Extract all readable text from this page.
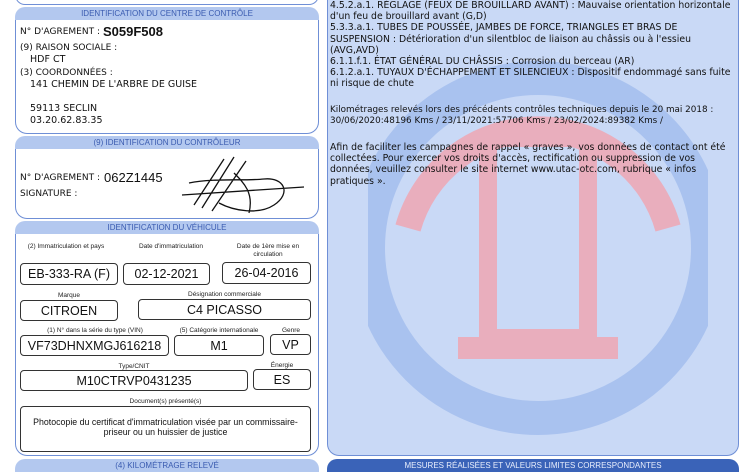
IDENTIFICATION DU CENTRE DE CONTRÔLE
N° D'AGREMENT : S059F508
(9) RAISON SOCIALE :
HDF CT
(3) COORDONNÉES :
141 CHEMIN DE L'ARBRE DE GUISE
59113 SECLIN
03.20.62.83.35
(9) IDENTIFICATION DU CONTRÔLEUR
N° D'AGREMENT : 062Z1445
SIGNATURE :
IDENTIFICATION DU VÉHICULE
(2) Immatriculation et pays	Date d'immatriculation	Date de 1ère mise en circulation
EB-333-RA (F)	02-12-2021	26-04-2016
Marque	Désignation commerciale
CITROEN	C4 PICASSO
(1) N° dans la série du type (VIN)	(5) Catégorie internationale	Genre
VF73DHNXMGJ616218	M1	VP
Type/CNIT	Énergie
M10CTRVP0431235	ES
Document(s) présenté(s)
Photocopie du certificat d'immatriculation visée par un commissaire-priseur ou un huissier de justice
(4) KILOMÉTRAGE RELEVÉ
4.5.2.a.1. RÉGLAGE (FEUX DE BROUILLARD AVANT) : Mauvaise orientation horizontale d'un feu de brouillard avant (G,D)
5.3.3.a.1. TUBES DE POUSSÉE, JAMBES DE FORCE, TRIANGLES ET BRAS DE SUSPENSION : Détérioration d'un silentbloc de liaison au châssis ou à l'essieu (AVG,AVD)
6.1.1.f.1. ÉTAT GÉNÉRAL DU CHÂSSIS : Corrosion du berceau (AR)
6.1.2.a.1. TUYAUX D'ÉCHAPPEMENT ET SILENCIEUX : Dispositif endommagé sans fuite ni risque de chute
Kilométrages relevés lors des précédents contrôles techniques depuis le 20 mai 2018 : 30/06/2020:48196 Kms / 23/11/2021:57706 Kms / 23/02/2024:89382 Kms /
Afin de faciliter les campagnes de rappel « graves », vos données de contact ont été collectées. Pour exercer vos droits d'accès, rectification ou suppression de vos données, veuillez consulter le site internet www.utac-otc.com, rubrique « infos pratiques ».
MESURES RÉALISÉES ET VALEURS LIMITES CORRESPONDANTES
